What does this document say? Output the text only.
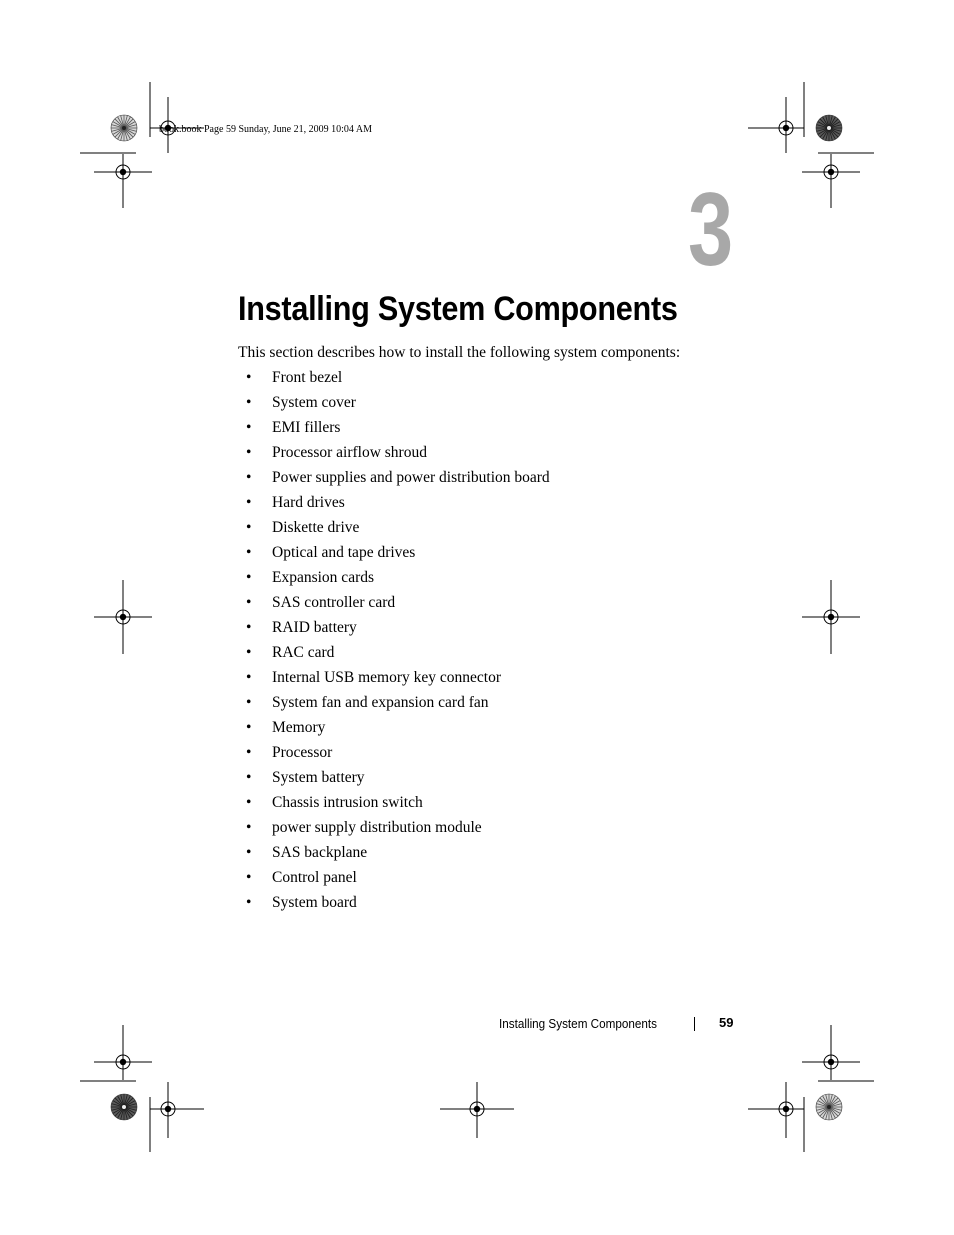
book.book Page 59 Sunday, June 21, 2009 10:04 AM
3
Installing System Components

This section describes how to install the following system components:

• Front bezel
• System cover
• EMI fillers
• Processor airflow shroud
• Power supplies and power distribution board
• Hard drives
• Diskette drive
• Optical and tape drives
• Expansion cards
• SAS controller card
• RAID battery
• RAC card
• Internal USB memory key connector
• System fan and expansion card fan
• Memory
• Processor
• System battery
• Chassis intrusion switch
• power supply distribution module
• SAS backplane
• Control panel
• System board
Installing System Components	59
